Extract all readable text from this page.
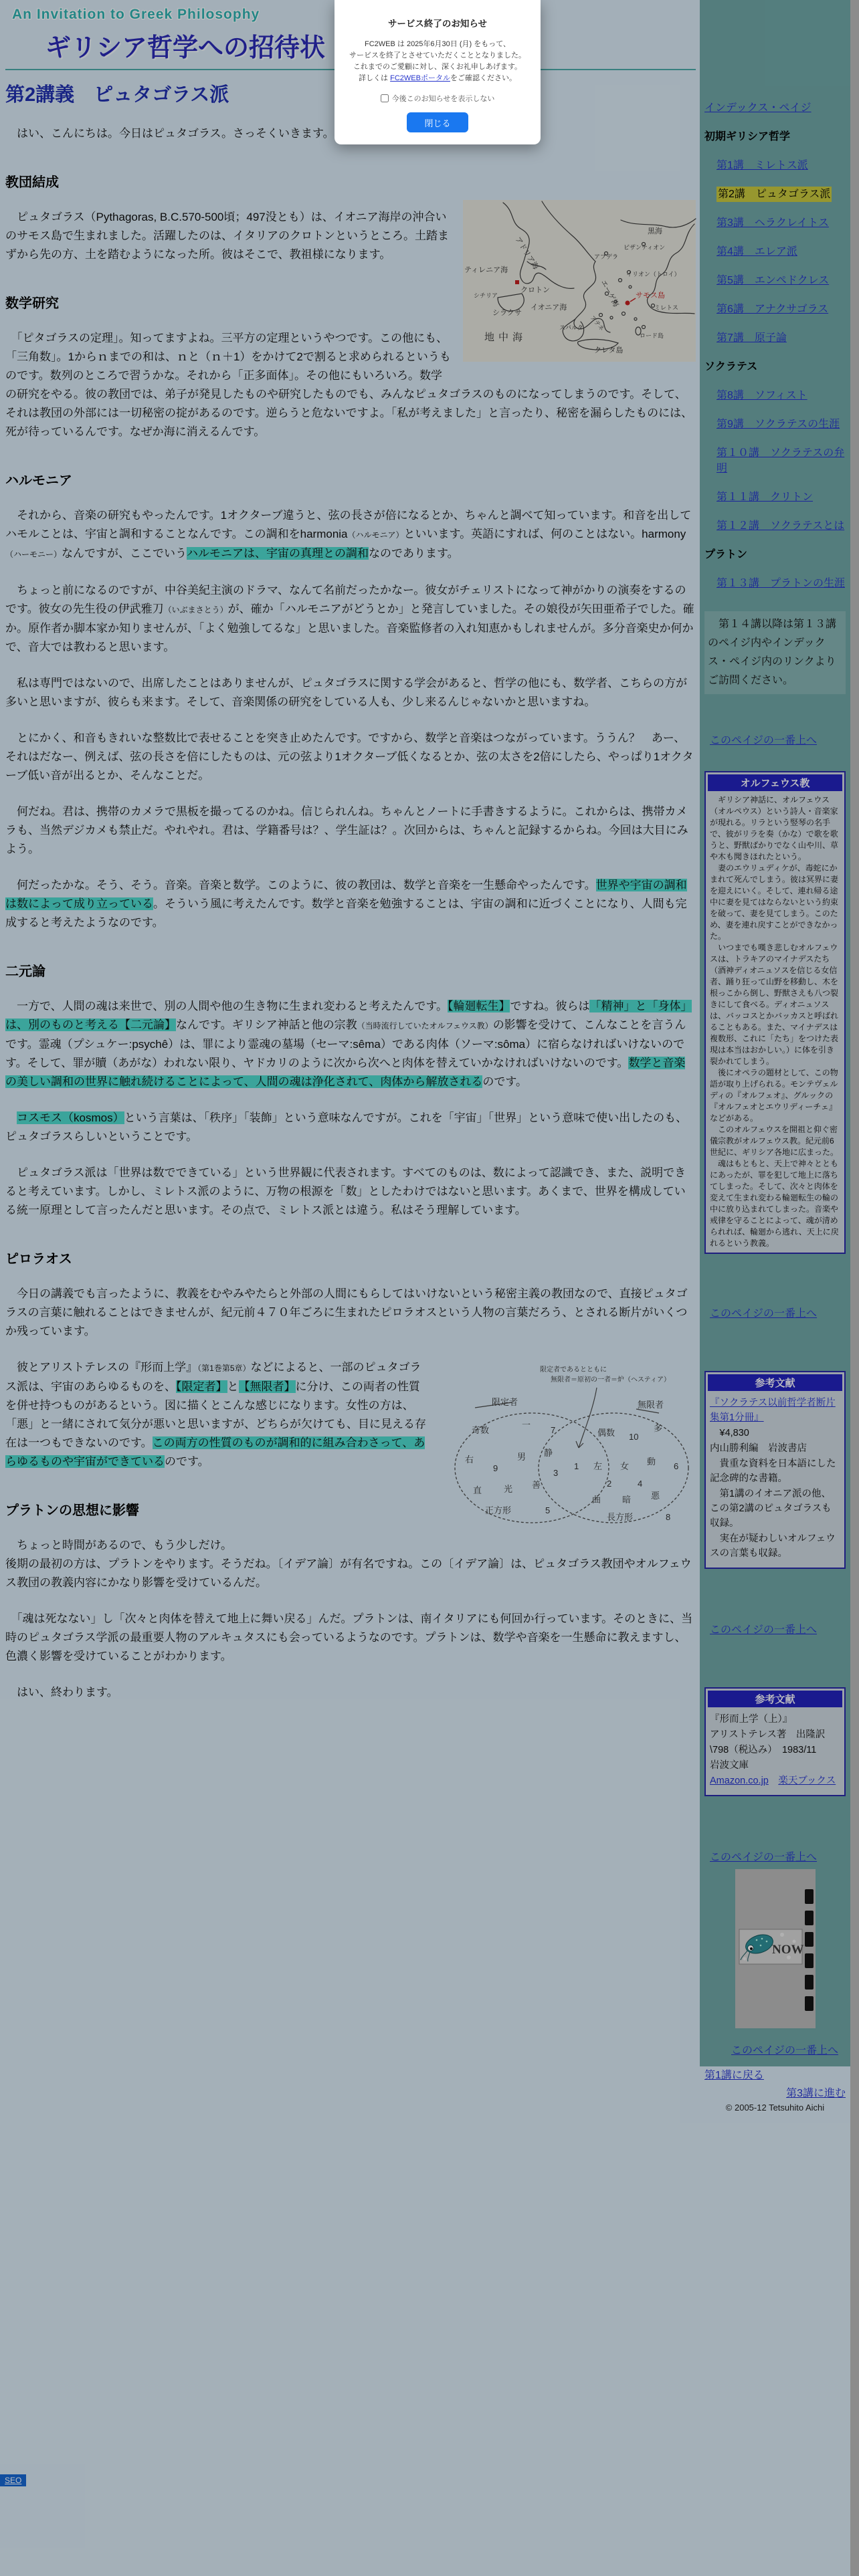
An Invitation to Greek Philosophy
ギリシア哲学への招待状
第2講義　ピュタゴラス派

　はい、こんにちは。今日はピュタゴラス。さっそくいきます。

教団結成
黒海
ビザンティオン
アブデラ
イリオン（トロイ）
アドリア海
ティレニア海
シチリア
シラクサ
クロトン
イオニア海	エーゲ海
アテネ
スパルタ
地中海
クレタ島
ロード島
サモス島
ミレトス

　ピュタゴラス（Pythagoras, B.C.570-500頃；497没とも）は、イオニア海岸の沖合いのサモス島で生まれました。活躍したのは、イタリアのクロトンというところ。土踏まずから先の方、土を踏むようになった所。彼はそこで、教祖様になります。

数学研究

　「ピタゴラスの定理」。知ってますよね。三平方の定理というやつです。この他にも、「三角数」。1からｎまでの和は、ｎと（ｎ＋1）をかけて2で割ると求められるというものです。数列のところで習うかな。それから「正多面体」。その他にもいろいろ。数学の研究をやる。彼の教団では、弟子が発見したものや研究したものでも、みんなピュタゴラスのものになってしまうのです。そして、それは教団の外部には一切秘密の掟があるのです。逆らうと危ないですよ。「私が考えました」と言ったり、秘密を漏らしたものには、死が待っているんです。なぜか海に消えるんです。

ハルモニア

　それから、音楽の研究もやったんです。1オクターブ違うと、弦の長さが倍になるとか、ちゃんと調べて知っています。和音を出してハモルことは、宇宙と調和することなんです。この調和をharmonia（ハルモニア）といいます。英語にすれば、何のことはない。harmony（ハーモニー）なんですが、ここでいうハルモニアは、宇宙の真理との調和なのであります。

　ちょっと前になるのですが、中谷美紀主演のドラマ、なんて名前だったかなー。彼女がチェリストになって神がかりの演奏をするのです。彼女の先生役の伊武雅刀（いぶまさとう）が、確か「ハルモニアがどうとか」と発言していました。その娘役が矢田亜希子でした。確か。原作者か脚本家か知りませんが、「よく勉強してるな」と思いました。音楽監修者の入れ知恵かもしれませんが。多分音楽史か何かで、音大では教わると思います。

　私は専門ではないので、出席したことはありませんが、ピュタゴラスに関する学会があると、哲学の他にも、数学者、こちらの方が多いと思いますが、彼らも来ます。そして、音楽関係の研究をしている人も、少し来るんじゃないかと思いますね。

　とにかく、和音もきれいな整数比で表せることを突き止めたんです。ですから、数学と音楽はつながっています。ううん？　あー、それはだなー、例えば、弦の長さを倍にしたものは、元の弦より1オクターブ低くなるとか、弦の太さを2倍にしたら、やっぱり1オクターブ低い音が出るとか、そんなことだ。

　何だね。君は、携帯のカメラで黒板を撮ってるのかね。信じられんね。ちゃんとノートに手書きするように。これからは、携帯カメラも、当然デジカメも禁止だ。やれやれ。君は、学籍番号は？、学生証は？。次回からは、ちゃんと記録するからね。今回は大目にみよう。

　何だったかな。そう、そう。音楽。音楽と数学。このように、彼の教団は、数学と音楽を一生懸命やったんです。世界や宇宙の調和は数によって成り立っている。そういう風に考えたんです。数学と音楽を勉強することは、宇宙の調和に近づくことになり、人間も完成すると考えたようなのです。

二元論

　一方で、人間の魂は来世で、別の人間や他の生き物に生まれ変わると考えたんです。【輪廻転生】ですね。彼らは「精神」と「身体」は、別のものと考える【二元論】なんです。ギリシア神話と他の宗教（当時流行していたオルフェウス教）の影響を受けて、こんなことを言うんです。霊魂（プシュケー:psychê）は、罪により霊魂の墓場（セーマ:sêma）である肉体（ソーマ:sôma）に宿らなければいけないのです。そして、罪が贖（あがな）われない限り、ヤドカリのように次から次へと肉体を替えていかなければいけないのです。数学と音楽の美しい調和の世界に触れ続けることによって、人間の魂は浄化されて、肉体から解放されるのです。

　コスモス（kosmos）という言葉は、「秩序」「装飾」という意味なんですが。これを「宇宙」「世界」という意味で使い出したのも、ピュタゴラスらしいということです。

　ピュタゴラス派は「世界は数でできている」という世界観に代表されます。すべてのものは、数によって認識でき、また、説明できると考えています。しかし、ミレトス派のように、万物の根源を「数」としたわけではないと思います。あくまで、世界を構成している統一原理として言ったんだと思います。その点で、ミレトス派とは違う。私はそう理解しています。

ピロラオス

　今日の講義でも言ったように、教義をむやみやたらと外部の人間にもらしてはいけないという秘密主義の教団なので、直接ピュタゴラスの言葉に触れることはできませんが、紀元前４７０年ごろに生まれたピロラオスという人物の言葉だろう、とされる断片がいくつか残っています。

限定者であるとともに
無限者＝原初の一者＝炉（ヘスティア）
限定者	無限者
奇数
一
7
右
9
男 静
直	光 善
3
正方形	5
1
偶数 10
多
左 女 動 6
2	4
曲 暗 悪
長方形	8

　彼とアリストテレスの『形而上学』（第1巻第5章）などによると、一部のピュタゴラス派は、宇宙のあらゆるものを、【限定者】と【無限者】に分け、この両者の性質を併せ持つものがあるという。図に描くとこんな感じになります。女性の方は、「悪」と一緒にされて気分が悪いと思いますが、どちらが欠けても、目に見える存在は一つもできないのです。この両方の性質のものが調和的に組み合わさって、あらゆるものや宇宙ができているのです。

プラトンの思想に影響

　ちょっと時間があるので、もう少しだけ。

後期の最初の方は、プラトンをやります。そうだね。〔イデア論〕が有名ですね。この〔イデア論〕は、ピュタゴラス教団やオルフェウス教団の教義内容にかなり影響を受けているんだ。

　「魂は死なない」し「次々と肉体を替えて地上に舞い戻る」んだ。プラトンは、南イタリアにも何回か行っています。そのときに、当時のピュタゴラス学派の最重要人物のアルキュタスにも会っているようなのです。プラトンは、数学や音楽を一生懸命に教えますし、色濃く影響を受けていることがわかります。

　はい、終わります。

インデックス・ペイジ
初期ギリシア哲学
第1講　ミレトス派
第2講　ピュタゴラス派
第3講　ヘラクレイトス
第4講　エレア派
第5講　エンペドクレス
第6講　アナクサゴラス
第7講　原子論
ソクラテス
第8講　ソフィスト
第9講　ソクラテスの生涯
第１０講　ソクラテスの弁明
第１１講　クリトン
第１２講　ソクラテスとは
プラトン
第１３講　プラトンの生涯
　第１４講以降は第１３講のペイジ内やインデックス・ペイジ内のリンクよりご訪問ください。
このペイジの一番上へ
オルフェウス教

　ギリシア神話に、オルフェウス（オルペウス）という詩人・音楽家が現れる。リラという竪琴の名手で、彼がリラを奏（かな）で歌を歌うと、野獣ばかりでなく山や川、草や木も聞きほれたという。

　妻のエウリュディケが、毒蛇にかまれて死んでしまう。彼は冥界に妻を迎えにいく。そして、連れ帰る途中に妻を見てはならないという約束を破って、妻を見てしまう。このため、妻を連れ戻すことができなかった。

　いつまでも嘆き悲しむオルフェウスは、トラキアのマイナデスたち（酒神ディオニュソスを信じる女信者、踊り狂って山野を移動し、木を根っこから倒し、野獣さえも八つ裂きにして食べる。ディオニュソスは、バッコスとかバッカスと呼ばれることもある。また、マイナデスは複数形、これに「たち」をつけた表現は本当はおかしい。）に体を引き裂かれてしまう。

　後にオペラの題材として、この物語が取り上げられる。モンテヴェルディの『オルフェオ』、グルックの『オルフェオとエウリディーチェ』などがある。

　このオルフェウスを開祖と仰ぐ密儀宗教がオルフェウス教。紀元前6世紀に、ギリシア各地に広まった。

　魂はもともと、天上で神々とともにあったが、罪を犯して地上に落ちてしまった。そして、次々と肉体を変えて生まれ変わる輪廻転生の輪の中に放り込まれてしまった。音楽や戒律を守ることによって、魂が清められれば、輪廻から逃れ、天上に戻れるという教義。

このペイジの一番上へ
参考文献
『ソクラテス以前哲学者断片集第1分冊』
　¥4,830
内山勝利編　岩波書店
　貴重な資料を日本語にした記念碑的な書籍。
　第1講のイオニア派の他、この第2講のピュタゴラスも収録。
　実在が疑わしいオルフェウスの言葉も収録。
このペイジの一番上へ
参考文献
『形而上学（上）』
アリストテレス著　出隆訳
\798（税込み）　1983/11
岩波文庫
Amazon.co.jp　 楽天ブックス
このペイジの一番上へ
NOW
このペイジの一番上へ
第1講に戻る
第3講に進む
© 2005-12 Tetsuhito Aichi
SEO
サービス終了のお知らせ
FC2WEB は 2025年6月30日 (月) をもって、
サービスを終了とさせていただくこととなりました。
これまでのご愛顧に対し、深くお礼申しあげます。
詳しくは FC2WEBポータルをご確認ください。
今後このお知らせを表示しない
閉じる
